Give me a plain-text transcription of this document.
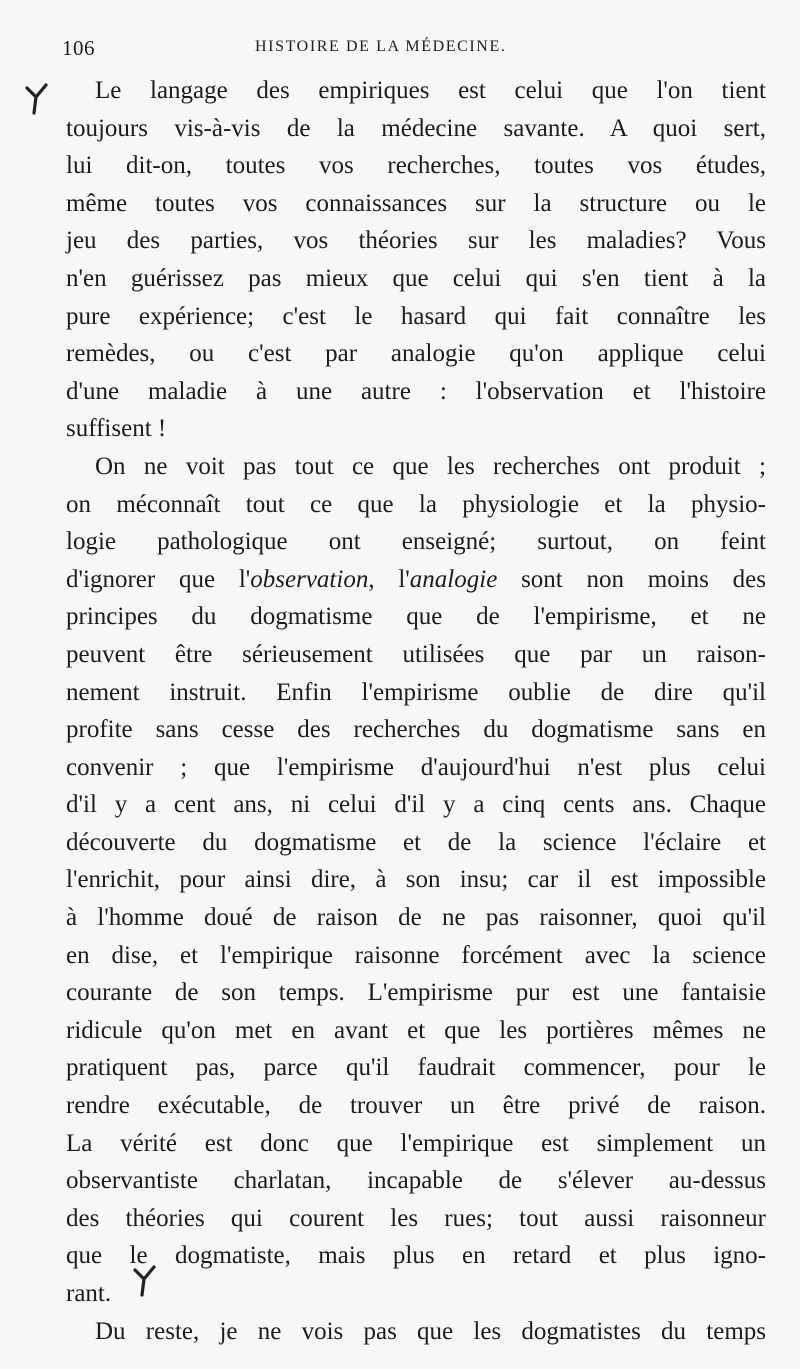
106	HISTOIRE DE LA MÉDECINE.
Le langage des empiriques est celui que l'on tient
toujours vis-à-vis de la médecine savante. A quoi sert,
lui dit-on, toutes vos recherches, toutes vos études,
même toutes vos connaissances sur la structure ou le
jeu des parties, vos théories sur les maladies? Vous
n'en guérissez pas mieux que celui qui s'en tient à la
pure expérience; c'est le hasard qui fait connaître les
remèdes, ou c'est par analogie qu'on applique celui
d'une maladie à une autre : l'observation et l'histoire
suffisent !
On ne voit pas tout ce que les recherches ont produit ;
on méconnaît tout ce que la physiologie et la physio-
logie pathologique ont enseigné; surtout, on feint
d'ignorer que l'observation, l'analogie sont non moins des
principes du dogmatisme que de l'empirisme, et ne
peuvent être sérieusement utilisées que par un raison-
nement instruit. Enfin l'empirisme oublie de dire qu'il
profite sans cesse des recherches du dogmatisme sans en
convenir ; que l'empirisme d'aujourd'hui n'est plus celui
d'il y a cent ans, ni celui d'il y a cinq cents ans. Chaque
découverte du dogmatisme et de la science l'éclaire et
l'enrichit, pour ainsi dire, à son insu; car il est impossible
à l'homme doué de raison de ne pas raisonner, quoi qu'il
en dise, et l'empirique raisonne forcément avec la science
courante de son temps. L'empirisme pur est une fantaisie
ridicule qu'on met en avant et que les portières mêmes ne
pratiquent pas, parce qu'il faudrait commencer, pour le
rendre exécutable, de trouver un être privé de raison.
La vérité est donc que l'empirique est simplement un
observantiste charlatan, incapable de s'élever au-dessus
des théories qui courent les rues; tout aussi raisonneur
que le dogmatiste, mais plus en retard et plus igno-
rant.
Du reste, je ne vois pas que les dogmatistes du temps
